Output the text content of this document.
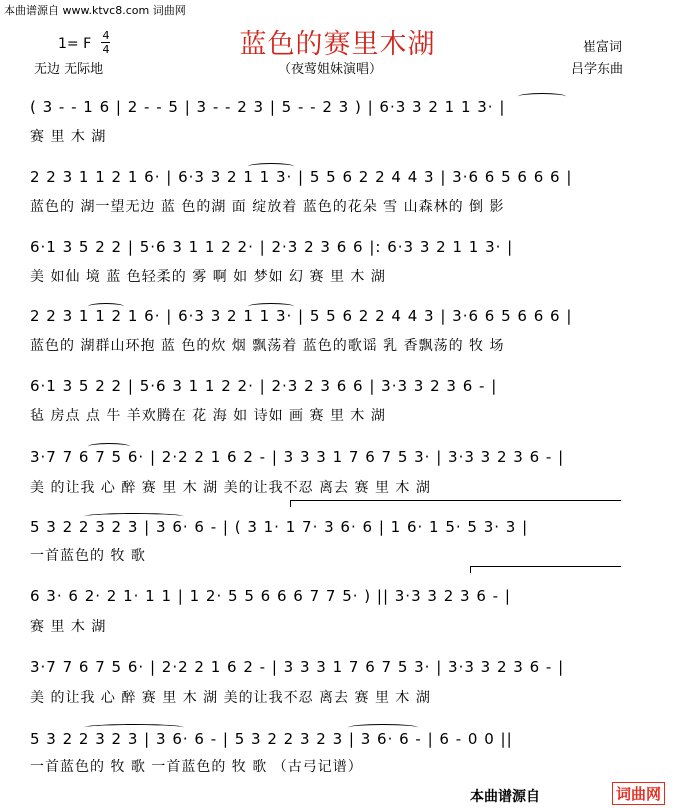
本曲谱源自 www.ktvc8.com 词曲网
蓝色的赛里木湖
1= F
4
4
无边 无际地	（夜莺姐妹演唱）
崔富词
吕学东曲
( 3 - - 1 6 | 2 - - 5 | 3 - - 2 3 | 5 - - 2 3 ) | 6·3 3 2 1 1 3· |
赛 里 木 湖
2 2 3 1 1 2 1 6· | 6·3 3 2 1 1 3· | 5 5 6 2 2 4 4 3 | 3·6 6 5 6 6 6 |
蓝色的 湖一望无边 蓝 色的湖 面 绽放着 蓝色的花朵 雪 山森林的 倒 影
6·1 3 5 2 2 | 5·6 3 1 1 2 2· | 2·3 2 3 6 6 |: 6·3 3 2 1 1 3· |
美 如仙 境 蓝 色轻柔的 雾 啊 如 梦如 幻 赛 里 木 湖
2 2 3 1 1 2 1 6· | 6·3 3 2 1 1 3· | 5 5 6 2 2 4 4 3 | 3·6 6 5 6 6 6 |
蓝色的 湖群山环抱 蓝 色的炊 烟 飘荡着 蓝色的歌谣 乳 香飘荡的 牧 场
6·1 3 5 2 2 | 5·6 3 1 1 2 2· | 2·3 2 3 6 6 | 3·3 3 2 3 6 - |
毡 房点 点 牛 羊欢腾在 花 海 如 诗如 画 赛 里 木 湖
3·7 7 6 7 5 6· | 2·2 2 1 6 2 - | 3 3 3 1 7 6 7 5 3· | 3·3 3 2 3 6 - |
美 的让我 心 醉 赛 里 木 湖 美的让我不忍 离去 赛 里 木 湖
5 3 2 2 3 2 3 | 3 6· 6 - | ( 3 1· 1 7· 3 6· 6 | 1 6· 1 5· 5 3· 3 |
一首蓝色的 牧 歌
6 3· 6 2· 2 1· 1 1 | 1 2· 5 5 6 6 6 7 7 5· ) || 3·3 3 2 3 6 - |
赛 里 木 湖
3·7 7 6 7 5 6· | 2·2 2 1 6 2 - | 3 3 3 1 7 6 7 5 3· | 3·3 3 2 3 6 - |
美 的让我 心 醉 赛 里 木 湖 美的让我不忍 离去 赛 里 木 湖
5 3 2 2 3 2 3 | 3 6· 6 - | 5 3 2 2 3 2 3 | 3 6· 6 - | 6 - 0 0 ||
一首蓝色的 牧 歌 一首蓝色的 牧 歌 （古弓记谱）
本曲谱源自	词曲网
